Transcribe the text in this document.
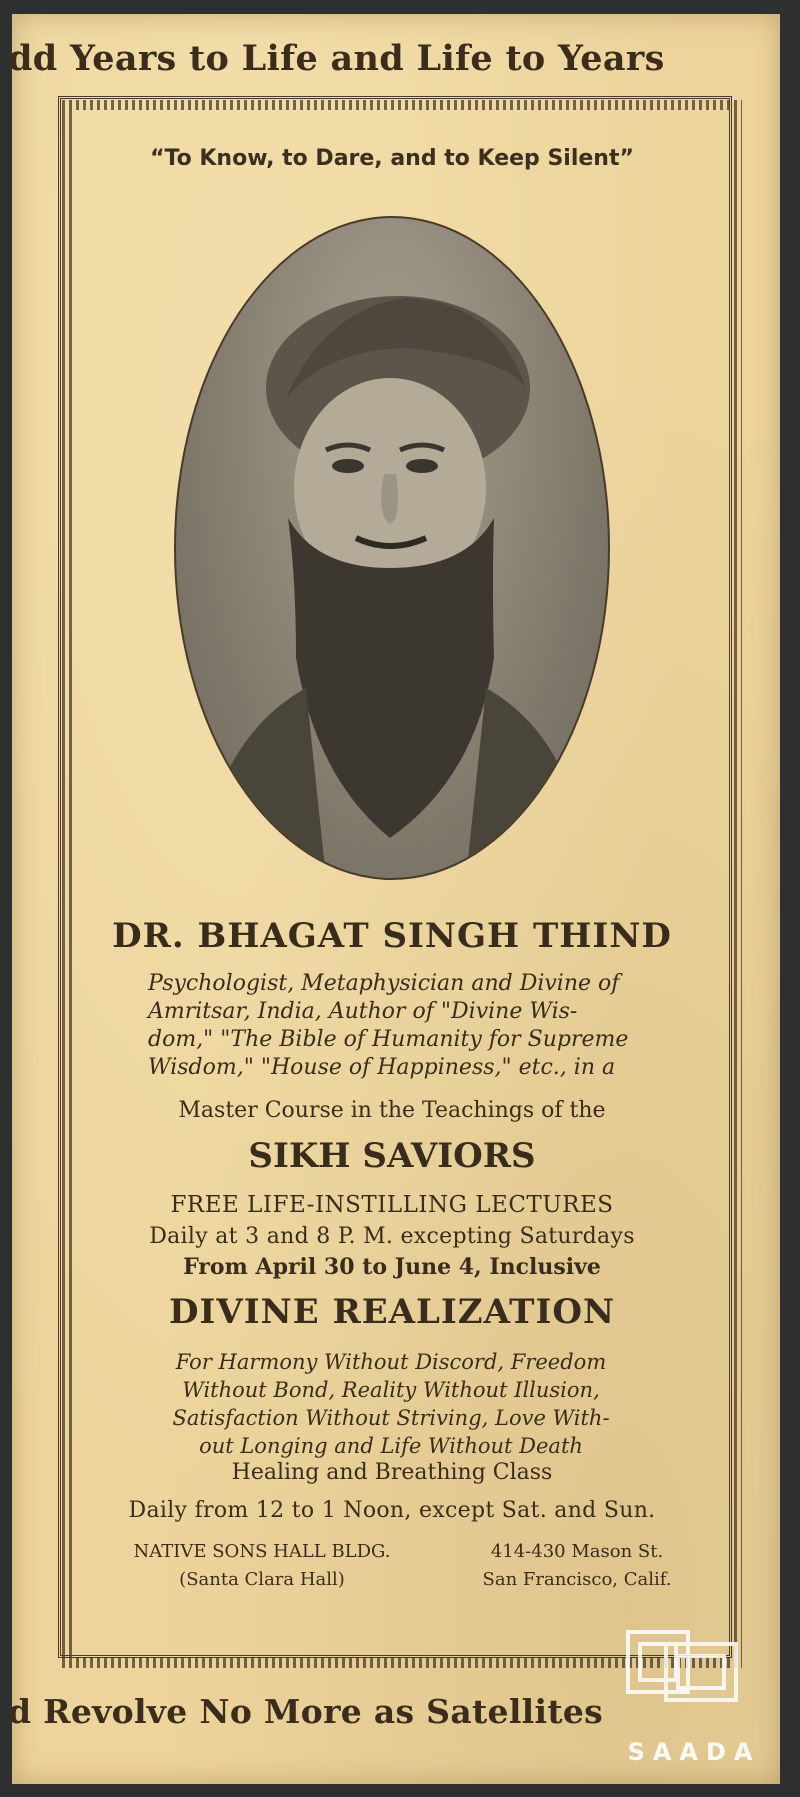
dd Years to Life and Life to Years
“To Know, to Dare, and to Keep Silent”
DR. BHAGAT SINGH THIND
Psychologist, Metaphysician and Divine of
Amritsar, India, Author of "Divine Wis-
dom," "The Bible of Humanity for Supreme
Wisdom," "House of Happiness," etc., in a
Master Course in the Teachings of the
SIKH SAVIORS
FREE LIFE-INSTILLING LECTURES
Daily at 3 and 8 P. M. excepting Saturdays
From April 30 to June 4, Inclusive
DIVINE REALIZATION
For Harmony Without Discord, Freedom
Without Bond, Reality Without Illusion,
Satisfaction Without Striving, Love With-
out Longing and Life Without Death
Healing and Breathing Class
Daily from 12 to 1 Noon, except Sat. and Sun.
NATIVE SONS HALL BLDG.
(Santa Clara Hall)
414-430 Mason St.
San Francisco, Calif.
d Revolve No More as Satellites
SAADA
